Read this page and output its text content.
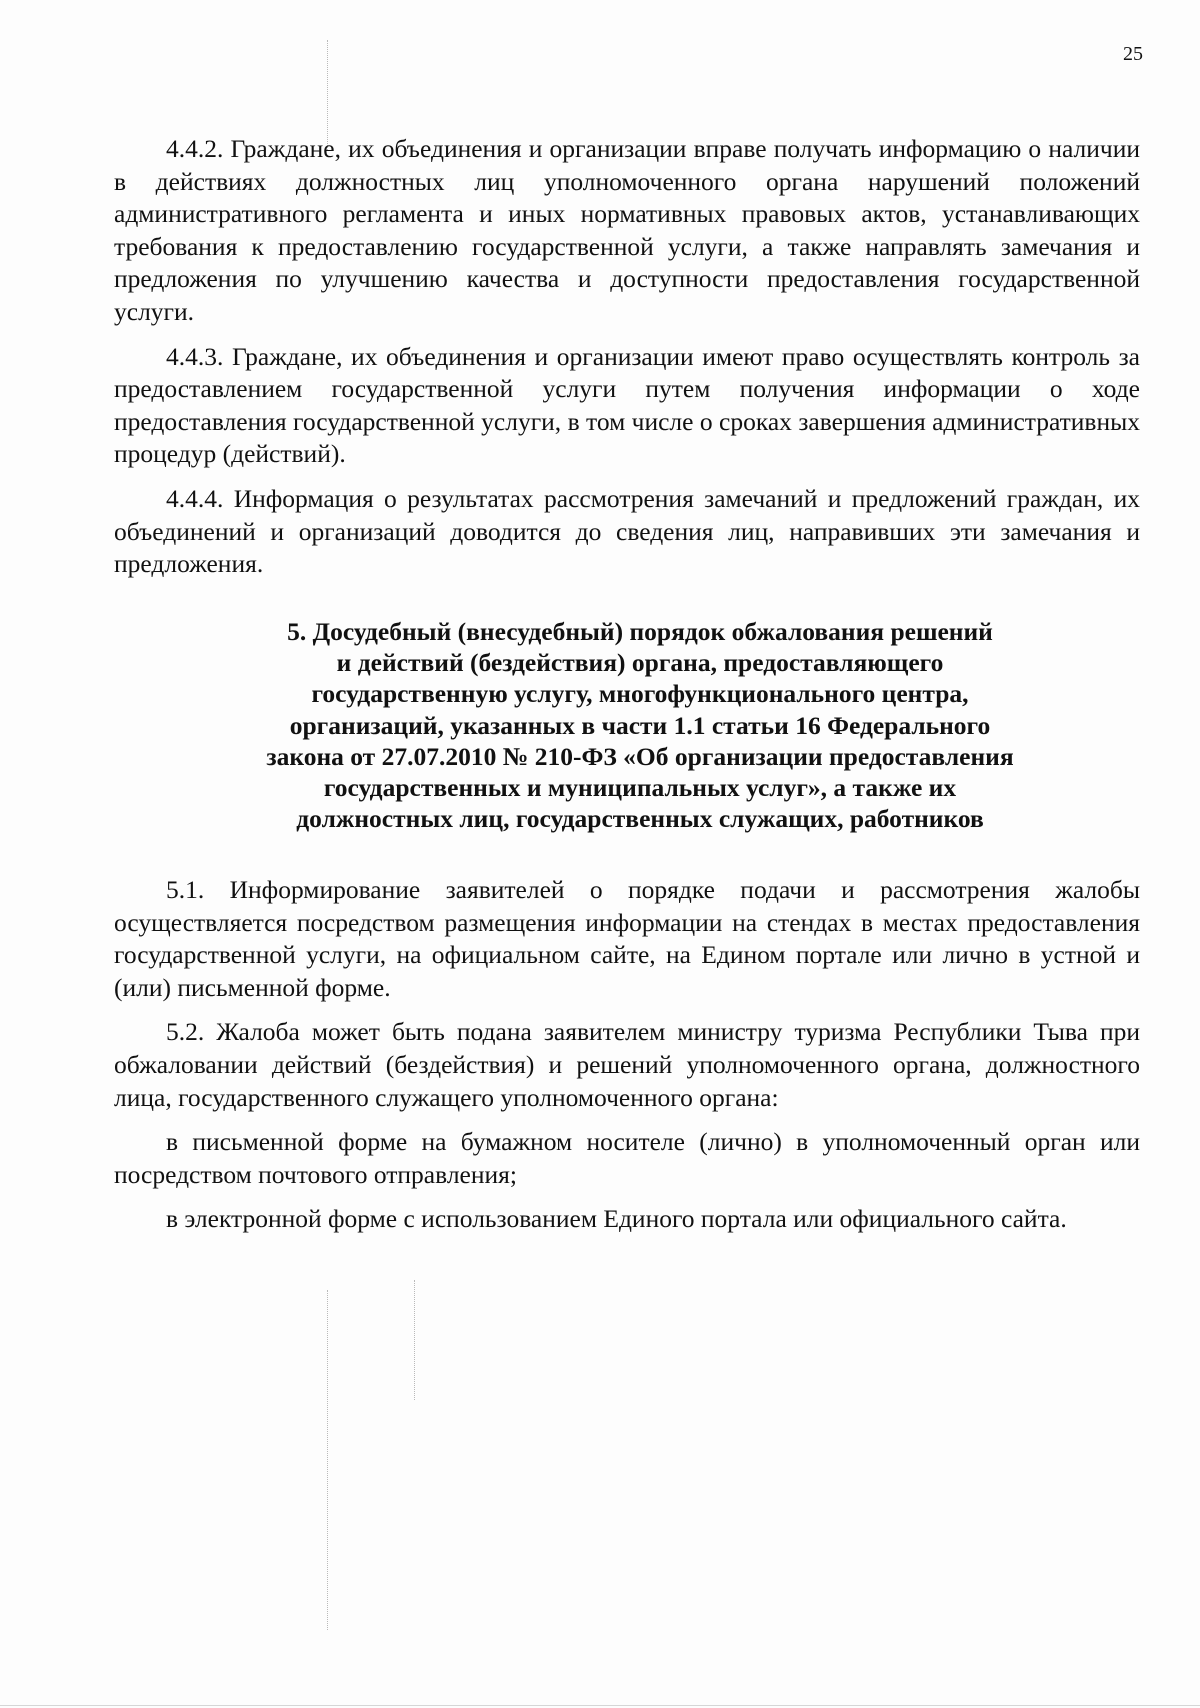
25

4.4.2. Граждане, их объединения и организации вправе получать информацию о наличии в действиях должностных лиц уполномоченного органа нарушений положений административного регламента и иных нормативных правовых актов, устанавливающих требования к предоставлению государственной услуги, а также направлять замечания и предложения по улучшению качества и доступности предоставления государственной услуги.

4.4.3. Граждане, их объединения и организации имеют право осуществлять контроль за предоставлением государственной услуги путем получения информации о ходе предоставления государственной услуги, в том числе о сроках завершения административных процедур (действий).

4.4.4. Информация о результатах рассмотрения замечаний и предложений граждан, их объединений и организаций доводится до сведения лиц, направивших эти замечания и предложения.

5. Досудебный (внесудебный) порядок обжалования решений
и действий (бездействия) органа, предоставляющего
государственную услугу, многофункционального центра,
организаций, указанных в части 1.1 статьи 16 Федерального
закона от 27.07.2010 № 210-ФЗ «Об организации предоставления
государственных и муниципальных услуг», а также их
должностных лиц, государственных служащих, работников

5.1. Информирование заявителей о порядке подачи и рассмотрения жалобы осуществляется посредством размещения информации на стендах в местах предоставления государственной услуги, на официальном сайте, на Едином портале или лично в устной и (или) письменной форме.

5.2. Жалоба может быть подана заявителем министру туризма Республики Тыва при обжаловании действий (бездействия) и решений уполномоченного органа, должностного лица, государственного служащего уполномоченного органа:

в письменной форме на бумажном носителе (лично) в уполномоченный орган или посредством почтового отправления;

в электронной форме с использованием Единого портала или официального сайта.
